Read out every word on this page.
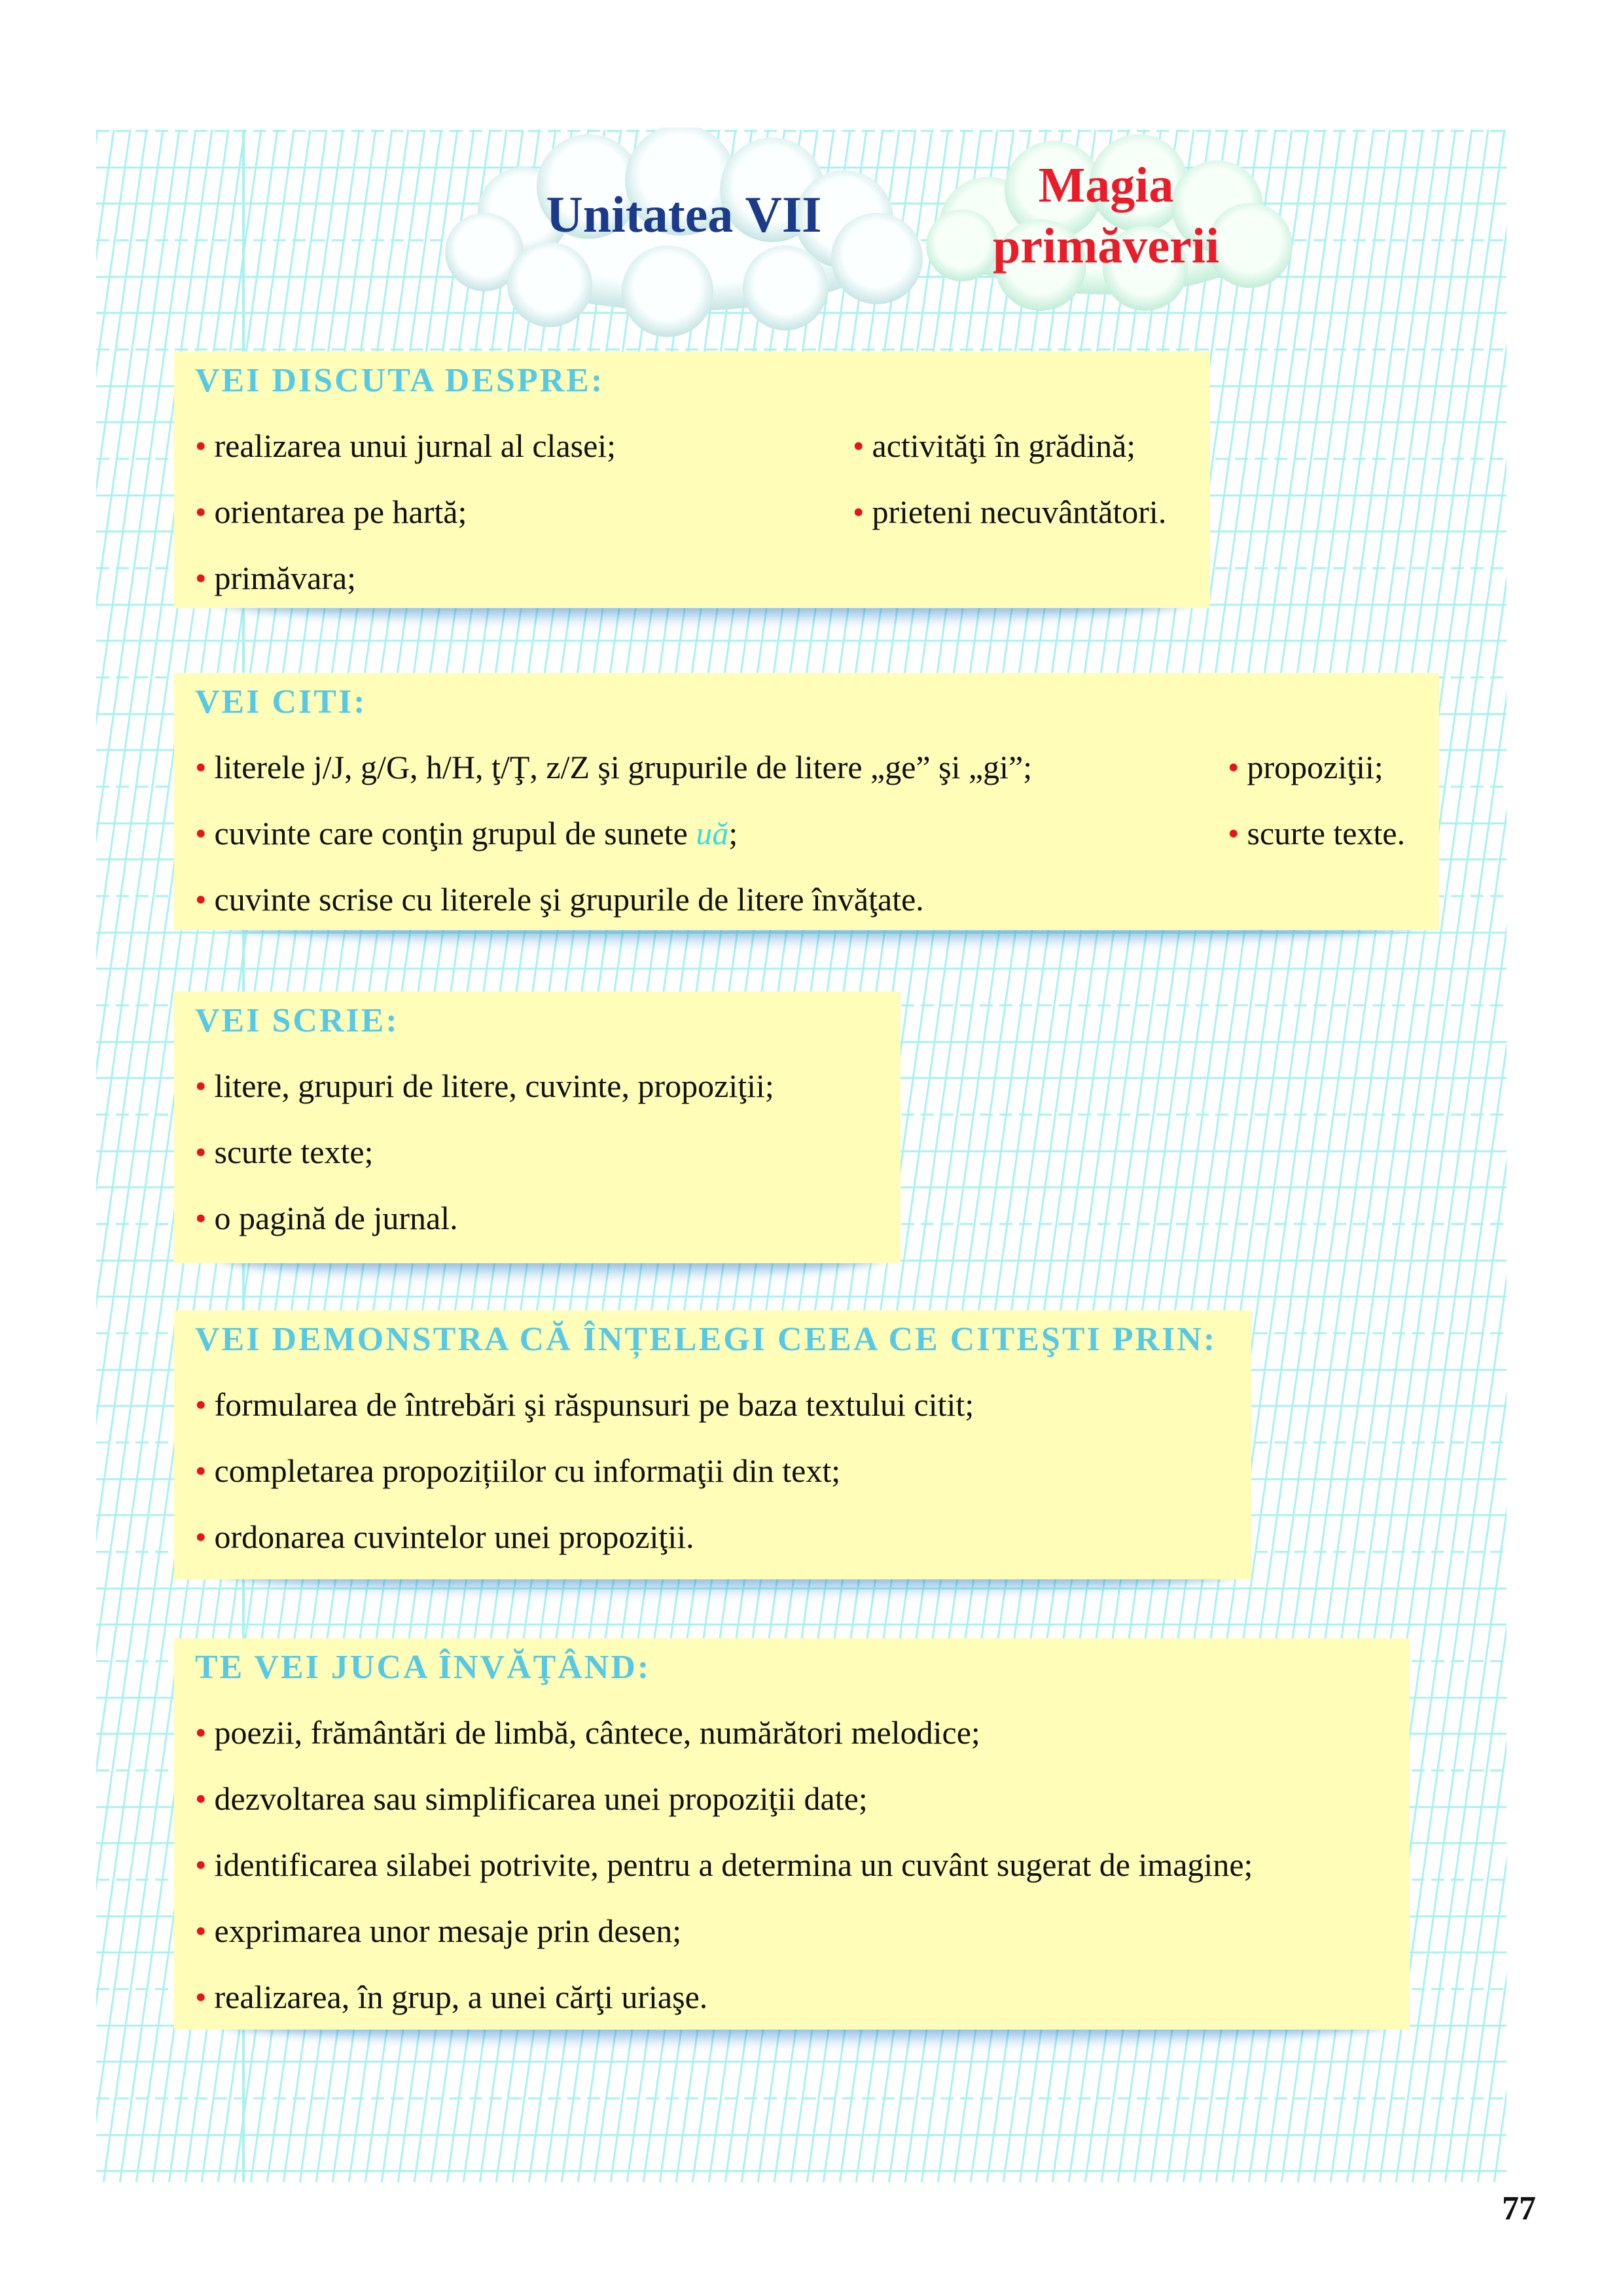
Unitatea VII
Magia
primăverii
VEI DISCUTA DESPRE:
• realizarea unui jurnal al clasei;	• activităţi în grădină;
• orientarea pe hartă;	• prieteni necuvântători.
• primăvara;
VEI CITI:
• literele j/J, g/G, h/H, ţ/Ţ, z/Z şi grupurile de litere „ge” şi „gi”;	• propoziţii;
• cuvinte care conţin grupul de sunete uă;	• scurte texte.
• cuvinte scrise cu literele şi grupurile de litere învăţate.
VEI SCRIE:
• litere, grupuri de litere, cuvinte, propoziţii;
• scurte texte;
• o pagină de jurnal.
VEI DEMONSTRA CĂ ÎNȚELEGI CEEA CE CITEŞTI PRIN:
• formularea de întrebări şi răspunsuri pe baza textului citit;
• completarea propozițiilor cu informaţii din text;
• ordonarea cuvintelor unei propoziţii.
TE VEI JUCA ÎNVĂŢÂND:
• poezii, frământări de limbă, cântece, numărători melodice;
• dezvoltarea sau simplificarea unei propoziţii date;
• identificarea silabei potrivite, pentru a determina un cuvânt sugerat de imagine;
• exprimarea unor mesaje prin desen;
• realizarea, în grup, a unei cărţi uriaşe.
77
